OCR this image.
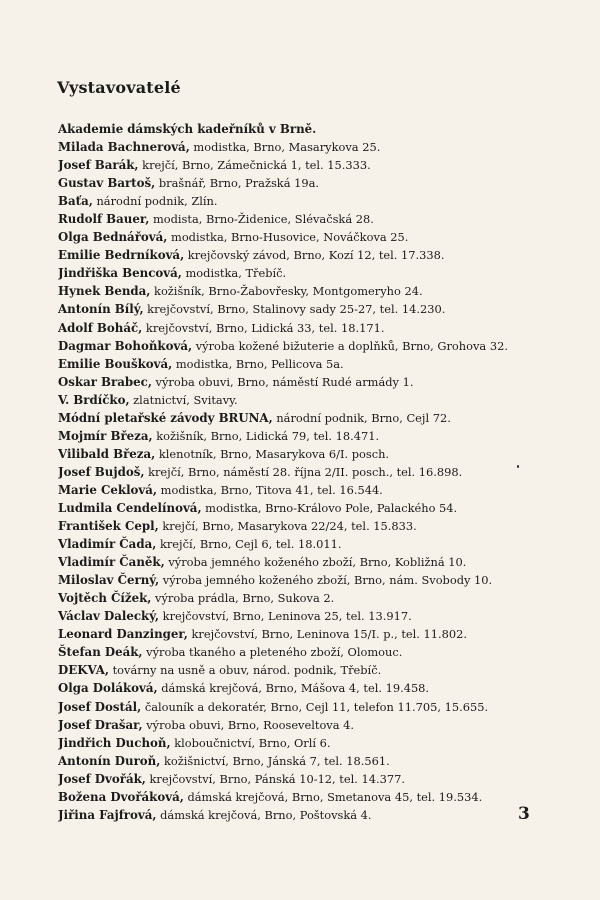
Vystavovatelé
Akademie dámských kadeřníků v Brně.
Milada Bachnerová, modistka, Brno, Masarykova 25.
Josef Barák, krejčí, Brno, Zámečnická 1, tel. 15.333.
Gustav Bartoš, brašnář, Brno, Pražská 19a.
Baťa, národní podnik, Zlín.
Rudolf Bauer, modista, Brno-Židenice, Slévačská 28.
Olga Bednářová, modistka, Brno-Husovice, Nováčkova 25.
Emilie Bedrníková, krejčovský závod, Brno, Kozí 12, tel. 17.338.
Jindřiška Bencová, modistka, Třebíč.
Hynek Benda, kožišník, Brno-Žabovřesky, Montgomeryho 24.
Antonín Bílý, krejčovství, Brno, Stalinovy sady 25-27, tel. 14.230.
Adolf Boháč, krejčovství, Brno, Lidická 33, tel. 18.171.
Dagmar Bohoňková, výroba kožené bižuterie a doplňků, Brno, Grohova 32.
Emilie Boušková, modistka, Brno, Pellicova 5a.
Oskar Brabec, výroba obuvi, Brno, náměstí Rudé armády 1.
V. Brdíčko, zlatnictví, Svitavy.
Módní pletařské závody BRUNA, národní podnik, Brno, Cejl 72.
Mojmír Březa, kožišník, Brno, Lidická 79, tel. 18.471.
Vilibald Březa, klenotník, Brno, Masarykova 6/I. posch.
Josef Bujdoš, krejčí, Brno, náměstí 28. října 2/II. posch., tel. 16.898.
Marie Ceklová, modistka, Brno, Titova 41, tel. 16.544.
Ludmila Cendelínová, modistka, Brno-Královo Pole, Palackého 54.
František Cepl, krejčí, Brno, Masarykova 22/24, tel. 15.833.
Vladimír Čada, krejčí, Brno, Cejl 6, tel. 18.011.
Vladimír Čaněk, výroba jemného koženého zboží, Brno, Kobližná 10.
Miloslav Černý, výroba jemného koženého zboží, Brno, nám. Svobody 10.
Vojtěch Čížek, výroba prádla, Brno, Sukova 2.
Václav Dalecký, krejčovství, Brno, Leninova 25, tel. 13.917.
Leonard Danzinger, krejčovství, Brno, Leninova 15/I. p., tel. 11.802.
Štefan Deák, výroba tkaného a pleteného zboží, Olomouc.
DEKVA, továrny na usně a obuv, národ. podnik, Třebíč.
Olga Doláková, dámská krejčová, Brno, Mášova 4, tel. 19.458.
Josef Dostál, čalouník a dekoratér, Brno, Cejl 11, telefon 11.705, 15.655.
Josef Drašar, výroba obuvi, Brno, Rooseveltova 4.
Jindřich Duchoň, kloboučnictví, Brno, Orlí 6.
Antonín Duroň, kožišnictví, Brno, Jánská 7, tel. 18.561.
Josef Dvořák, krejčovství, Brno, Pánská 10-12, tel. 14.377.
Božena Dvořáková, dámská krejčová, Brno, Smetanova 45, tel. 19.534.
Jiřina Fajfrová, dámská krejčová, Brno, Poštovská 4.	3
